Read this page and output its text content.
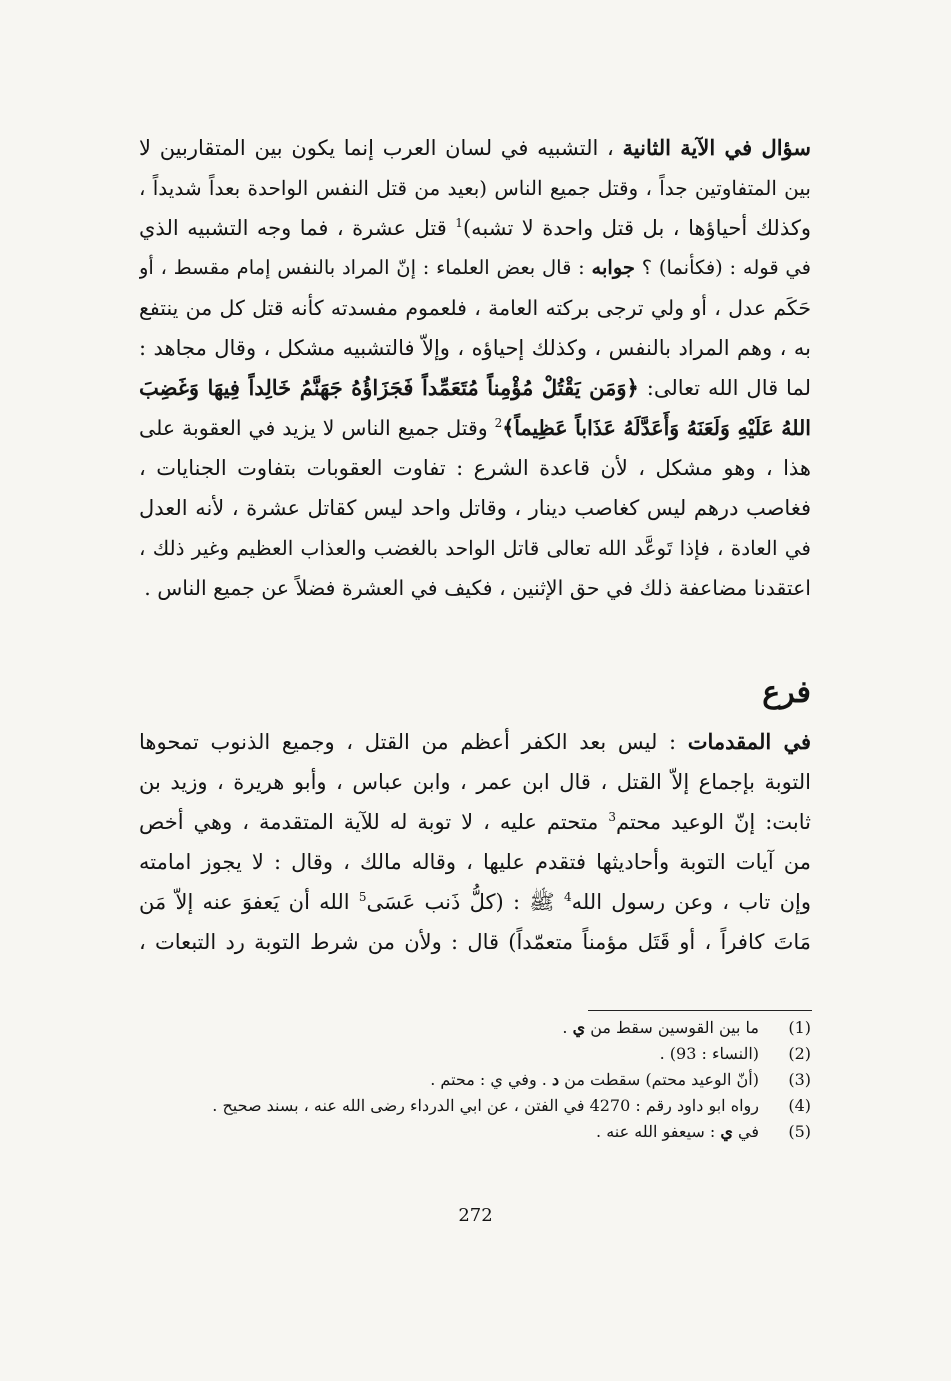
سؤال في الآية الثانية ، التشبيه في لسان العرب إنما يكون بين المتقاربين لا
بين المتفاوتين جداً ، وقتل جميع الناس (بعيد من قتل النفس الواحدة بعداً شديداً ،
وكذلك أحياؤها ، بل قتل واحدة لا تشبه)$^1$ قتل عشرة ، فما وجه التشبيه الذي
في قوله : (فكأنما) ؟ جوابه : قال بعض العلماء : إنّ المراد بالنفس إمام مقسط ، أو
حَكَم عدل ، أو ولي ترجى بركته العامة ، فلعموم مفسدته كأنه قتل كل من ينتفع
به ، وهم المراد بالنفس ، وكذلك إحياؤه ، وإلاّ فالتشبيه مشكل ، وقال مجاهد :
لما قال الله تعالى: ﴿وَمَن يَقْتُلْ مُؤْمِناً مُتَعَمِّداً فَجَزَاؤُهُ جَهَنَّمُ خَالِداً فِيهَا وَغَضِبَ
اللهُ عَلَيْهِ وَلَعَنَهُ وَأَعَدَّلَهُ عَذَاباً عَظِيماً﴾$^2$ وقتل جميع الناس لا يزيد في العقوبة على
هذا ، وهو مشكل ، لأن قاعدة الشرع : تفاوت العقوبات بتفاوت الجنايات ،
فغاصب درهم ليس كغاصب دينار ، وقاتل واحد ليس كقاتل عشرة ، لأنه العدل
في العادة ، فإذا تَوعَّد الله تعالى قاتل الواحد بالغضب والعذاب العظيم وغير ذلك ،
اعتقدنا مضاعفة ذلك في حق الإثنين ، فكيف في العشرة فضلاً عن جميع الناس .
فرع
في المقدمات : ليس بعد الكفر أعظم من القتل ، وجميع الذنوب تمحوها
التوبة بإجماع إلاّ القتل ، قال ابن عمر ، وابن عباس ، وأبو هريرة ، وزيد بن
ثابت: إنّ الوعيد محتم$^3$ متحتم عليه ، لا توبة له للآية المتقدمة ، وهي أخص
من آيات التوبة وأحاديثها فتقدم عليها ، وقاله مالك ، وقال : لا يجوز امامته
وإن تاب ، وعن رسول الله$^4$ ﷺ : (كلُّ ذَنب عَسَى$^5$ الله أن يَعفوَ عنه إلاّ مَن
مَاتَ كافراً ، أو قَتَل مؤمناً متعمّداً) قال : ولأن من شرط التوبة رد التبعات ،
(1)ما بين القوسين سقط من ي .
(2)(النساء : 93) .
(3)(أنّ الوعيد محتم) سقطت من د . وفي ي : محتم .
(4)رواه ابو داود رقم : 4270 في الفتن ، عن ابي الدرداء رضى الله عنه ، بسند صحيح .
(5)في ي : سيعفو الله عنه .
272
